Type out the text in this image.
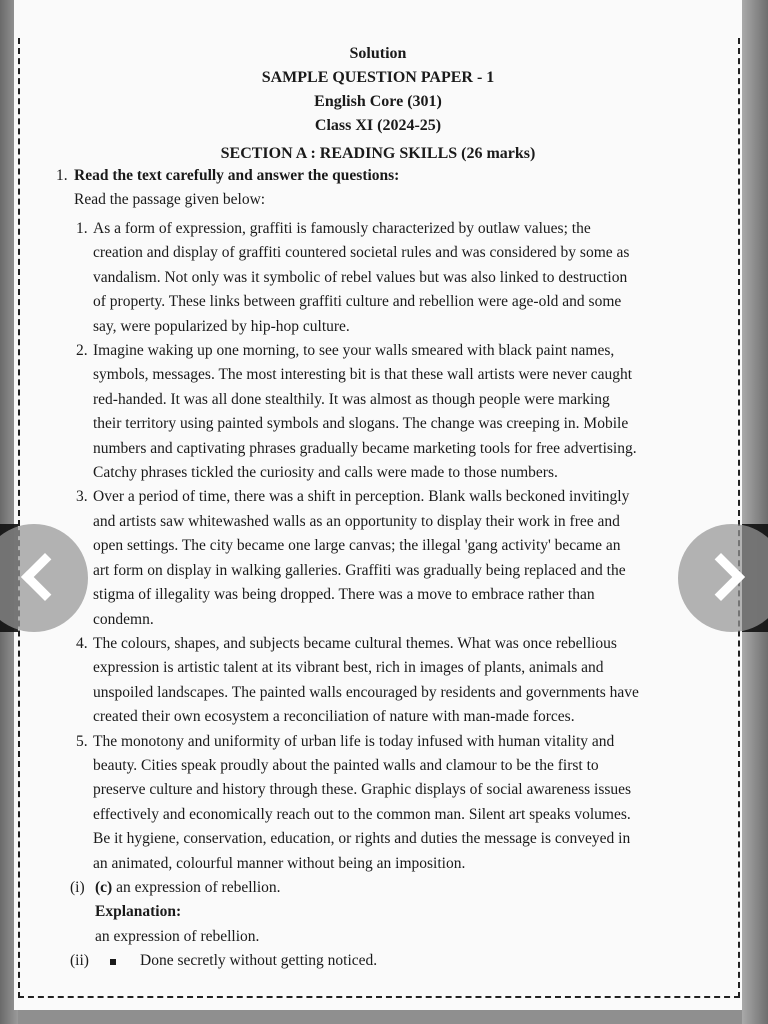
Solution
SAMPLE QUESTION PAPER - 1
English Core (301)
Class XI (2024-25)
SECTION A : READING SKILLS (26 marks)
1. Read the text carefully and answer the questions:
Read the passage given below:
1. As a form of expression, graffiti is famously characterized by outlaw values; the
creation and display of graffiti countered societal rules and was considered by some as
vandalism. Not only was it symbolic of rebel values but was also linked to destruction
of property. These links between graffiti culture and rebellion were age-old and some
say, were popularized by hip-hop culture.
2. Imagine waking up one morning, to see your walls smeared with black paint names,
symbols, messages. The most interesting bit is that these wall artists were never caught
red-handed. It was all done stealthily. It was almost as though people were marking
their territory using painted symbols and slogans. The change was creeping in. Mobile
numbers and captivating phrases gradually became marketing tools for free advertising.
Catchy phrases tickled the curiosity and calls were made to those numbers.
3. Over a period of time, there was a shift in perception. Blank walls beckoned invitingly
and artists saw whitewashed walls as an opportunity to display their work in free and
open settings. The city became one large canvas; the illegal 'gang activity' became an
art form on display in walking galleries. Graffiti was gradually being replaced and the
stigma of illegality was being dropped. There was a move to embrace rather than
condemn.
4. The colours, shapes, and subjects became cultural themes. What was once rebellious
expression is artistic talent at its vibrant best, rich in images of plants, animals and
unspoiled landscapes. The painted walls encouraged by residents and governments have
created their own ecosystem a reconciliation of nature with man-made forces.
5. The monotony and uniformity of urban life is today infused with human vitality and
beauty. Cities speak proudly about the painted walls and clamour to be the first to
preserve culture and history through these. Graphic displays of social awareness issues
effectively and economically reach out to the common man. Silent art speaks volumes.
Be it hygiene, conservation, education, or rights and duties the message is conveyed in
an animated, colourful manner without being an imposition.
(i) (c) an expression of rebellion.
Explanation:
an expression of rebellion.
(ii)	Done secretly without getting noticed.
